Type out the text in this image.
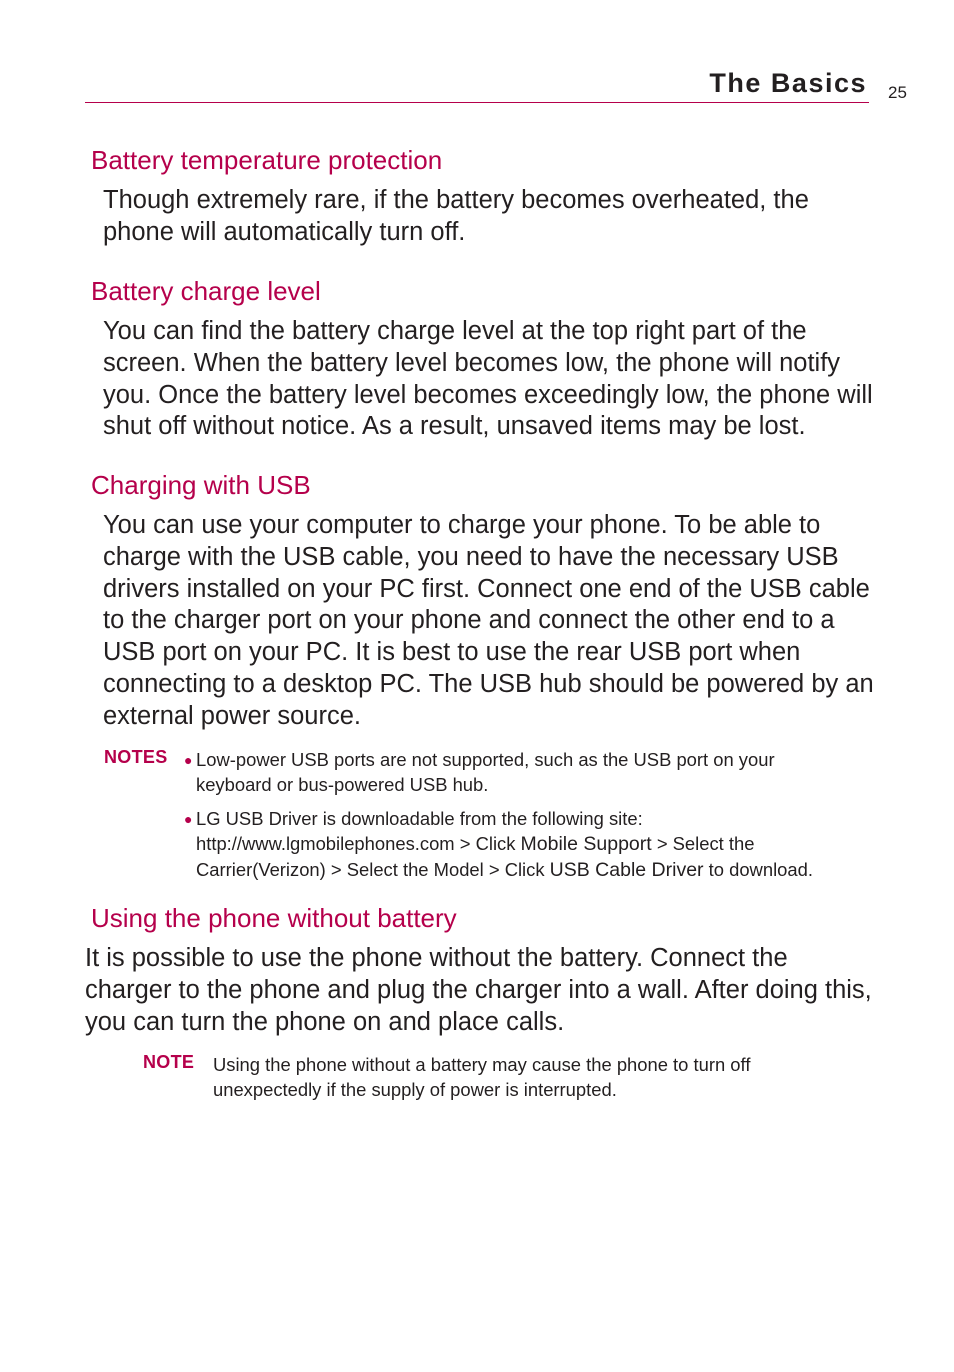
The Basics 25
Battery temperature protection

Though extremely rare, if the battery becomes overheated, the phone will automatically turn off.

Battery charge level

You can find the battery charge level at the top right part of the screen. When the battery level becomes low, the phone will notify you. Once the battery level becomes exceedingly low, the phone will shut off without notice. As a result, unsaved items may be lost.

Charging with USB

You can use your computer to charge your phone. To be able to charge with the USB cable, you need to have the necessary USB drivers installed on your PC first. Connect one end of the USB cable to the charger port on your phone and connect the other end to a USB port on your PC. It is best to use the rear USB port when connecting to a desktop PC. The USB hub should be powered by an external power source.

NOTES ● Low-power USB ports are not supported, such as the USB port on your keyboard or bus-powered USB hub.

● LG USB Driver is downloadable from the following site:
http://www.lgmobilephones.com > Click Mobile Support > Select the Carrier(Verizon) > Select the Model > Click USB Cable Driver to download.

Using the phone without battery

It is possible to use the phone without the battery. Connect the charger to the phone and plug the charger into a wall. After doing this, you can turn the phone on and place calls.

NOTE Using the phone without a battery may cause the phone to turn off unexpectedly if the supply of power is interrupted.
